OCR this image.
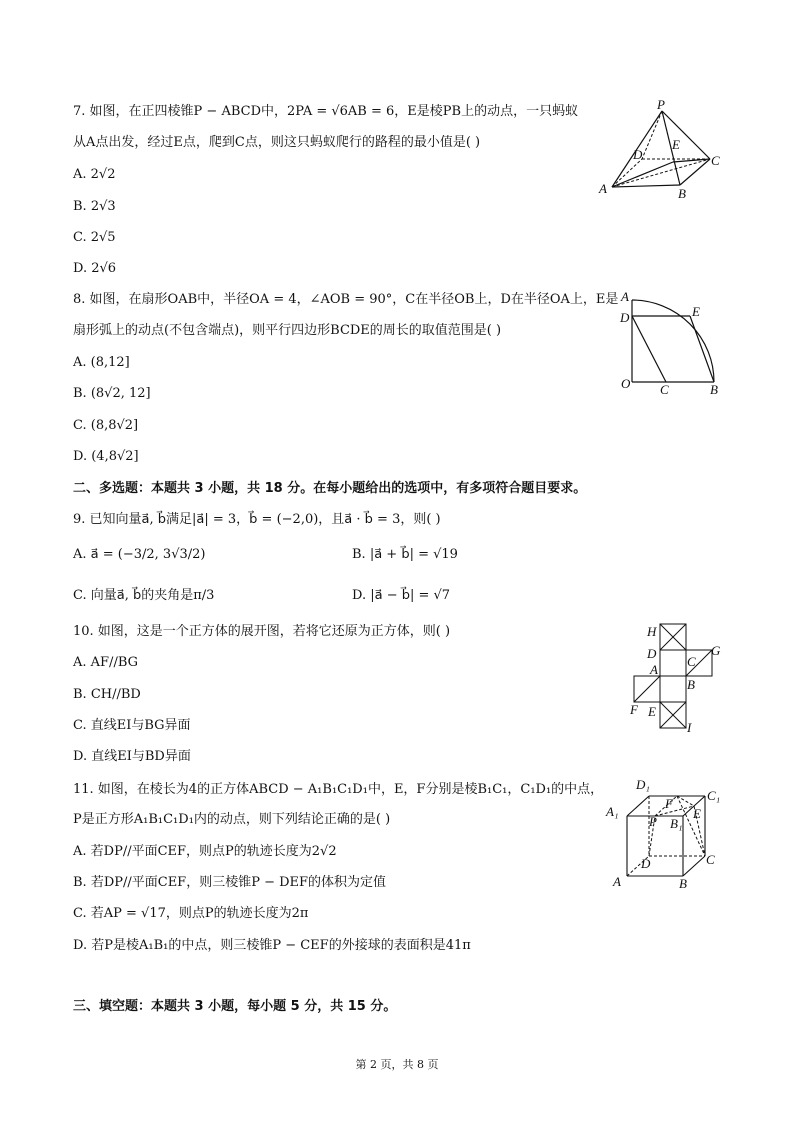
7. 如图，在正四棱锥P − ABCD中，2PA = √6AB = 6，E是棱PB上的动点，一只蚂蚁
从A点出发，经过E点，爬到C点，则这只蚂蚁爬行的路程的最小值是( )
A. 2√2
B. 2√3
C. 2√5
D. 2√6
P
D
E
C
A	B
8. 如图，在扇形OAB中，半径OA = 4，∠AOB = 90°，C在半径OB上，D在半径OA上，E是
扇形弧上的动点(不包含端点)，则平行四边形BCDE的周长的取值范围是( )
A. (8,12]
B. (8√2, 12]
C. (8,8√2]
D. (4,8√2]
A
D	E
O C	B
二、多选题：本题共 3 小题，共 18 分。在每小题给出的选项中，有多项符合题目要求。
9. 已知向量a⃗, b⃗满足|a⃗| = 3，b⃗ = (−2,0)，且a⃗ · b⃗ = 3，则( )
A. a⃗ = (−3/2, 3√3/2)	B. |a⃗ + b⃗| = √19
C. 向量a⃗, b⃗的夹角是π/3	D. |a⃗ − b⃗| = √7
10. 如图，这是一个正方体的展开图，若将它还原为正方体，则( )
A. AF//BG
B. CH//BD
C. 直线EI与BG异面
D. 直线EI与BD异面
H
D
C
G
A
B
F E
I
11. 如图，在棱长为4的正方体ABCD − A₁B₁C₁D₁中，E，F分别是棱B₁C₁，C₁D₁的中点，
P是正方形A₁B₁C₁D₁内的动点，则下列结论正确的是( )
A. 若DP//平面CEF，则点P的轨迹长度为2√2
B. 若DP//平面CEF，则三棱锥P − DEF的体积为定值
C. 若AP = √17，则点P的轨迹长度为2π
D. 若P是棱A₁B₁的中点，则三棱锥P − CEF的外接球的表面积是41π
D₁
C₁
A₁
P B₁
F
E
D	C
A	B
三、填空题：本题共 3 小题，每小题 5 分，共 15 分。
第 2 页，共 8 页
